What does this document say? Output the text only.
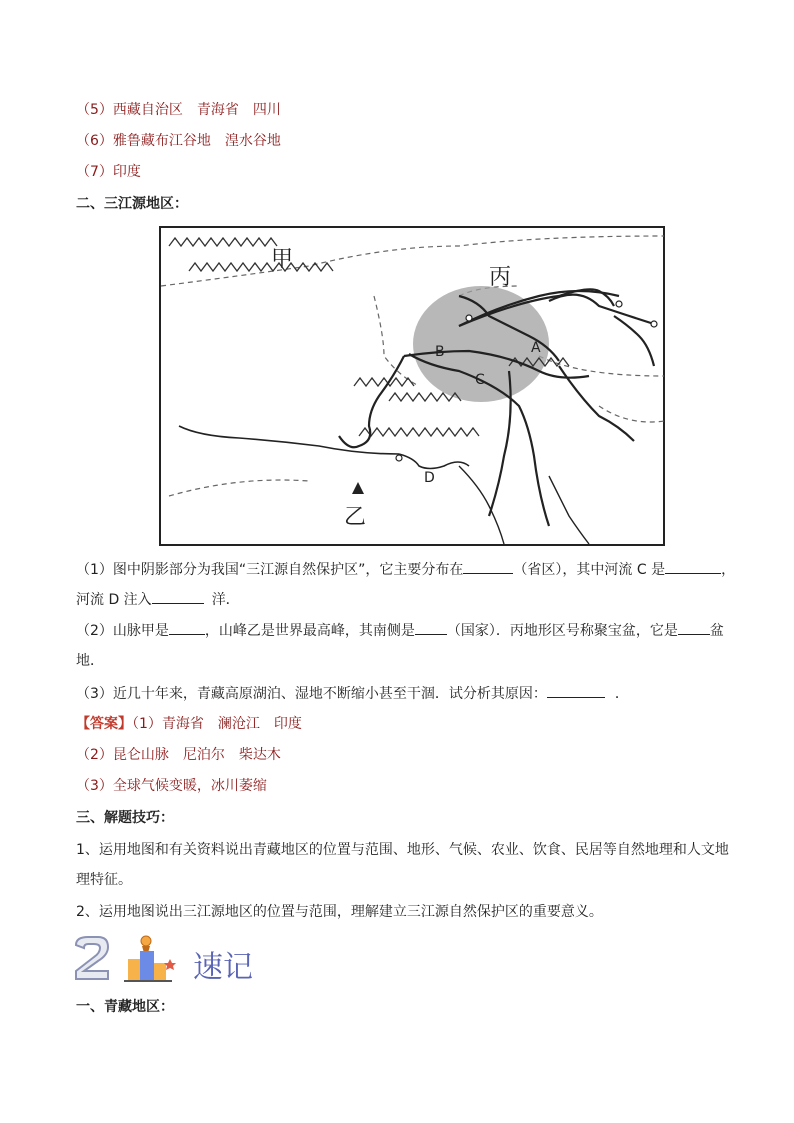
（5）西藏自治区 青海省 四川
（6）雅鲁藏布江谷地 湟水谷地
（7）印度
二、三江源地区：
甲
丙
乙
A
B
C
D
（1）图中阴影部分为我国“三江源自然保护区”，它主要分布在	（省区），其中河流 C 是	，
河流 D 注入	洋．
（2）山脉甲是	，山峰乙是世界最高峰，其南侧是 （国家）．丙地形区号称聚宝盆，它是 盆
地．
（3）近几十年来，青藏高原湖泊、湿地不断缩小甚至干涸．试分析其原因：	．
【答案】（1）青海省 澜沧江 印度
（2）昆仑山脉 尼泊尔 柴达木
（3）全球气候变暖，冰川萎缩
三、解题技巧：
1、运用地图和有关资料说出青藏地区的位置与范围、地形、气候、农业、饮食、民居等自然地理和人文地
理特征。
2、运用地图说出三江源地区的位置与范围，理解建立三江源自然保护区的重要意义。
速记
一、青藏地区：
